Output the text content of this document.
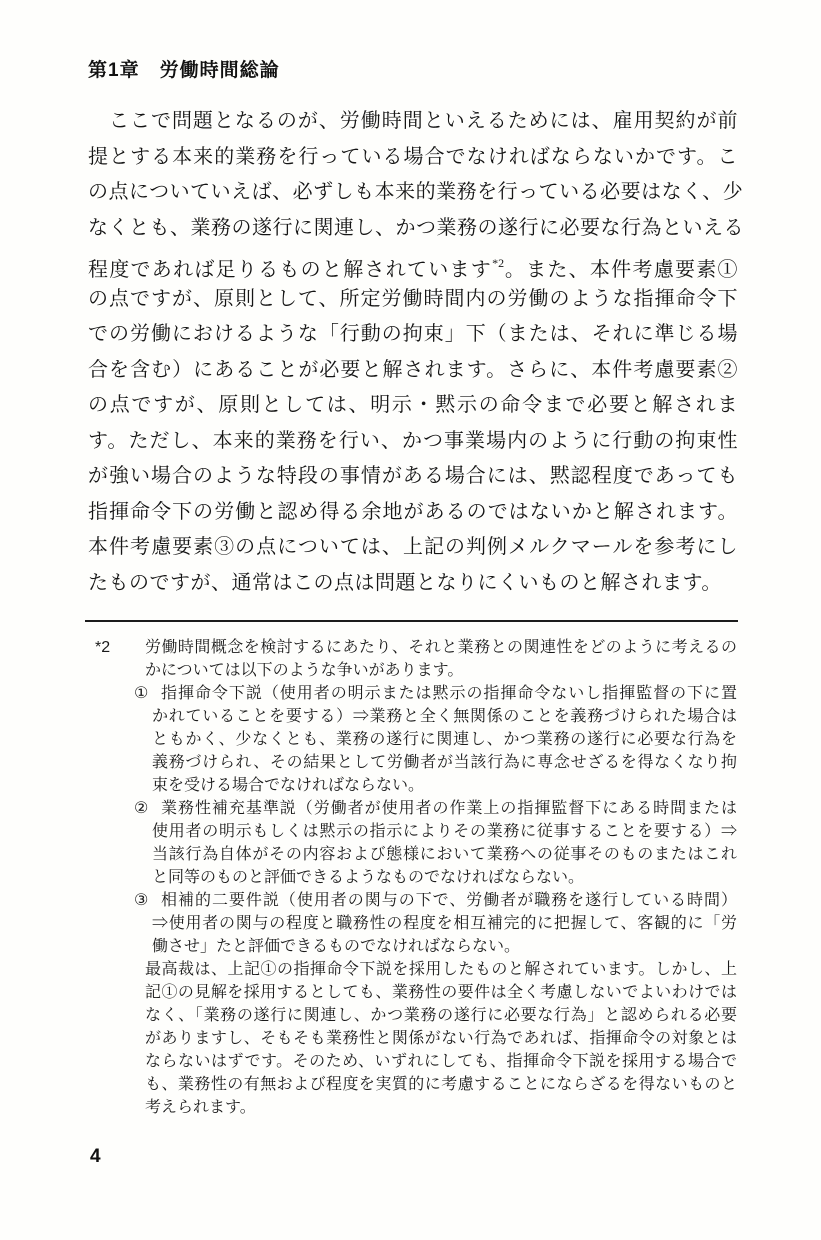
第1章　労働時間総論
ここで問題となるのが、労働時間といえるためには、雇用契約が前
提とする本来的業務を行っている場合でなければならないかです。こ
の点についていえば、必ずしも本来的業務を行っている必要はなく、少
なくとも、業務の遂行に関連し、かつ業務の遂行に必要な行為といえる
程度であれば足りるものと解されています$^{*2}$。また、本件考慮要素①
の点ですが、原則として、所定労働時間内の労働のような指揮命令下
での労働におけるような「行動の拘束」下（または、それに準じる場
合を含む）にあることが必要と解されます。さらに、本件考慮要素②
の点ですが、原則としては、明示・黙示の命令まで必要と解されま
す。ただし、本来的業務を行い、かつ事業場内のように行動の拘束性
が強い場合のような特段の事情がある場合には、黙認程度であっても
指揮命令下の労働と認め得る余地があるのではないかと解されます。
本件考慮要素③の点については、上記の判例メルクマールを参考にし
たものですが、通常はこの点は問題となりにくいものと解されます。
*2 労働時間概念を検討するにあたり、それと業務との関連性をどのように考えるの
かについては以下のような争いがあります。
① 指揮命令下説（使用者の明示または黙示の指揮命令ないし指揮監督の下に置
かれていることを要する）⇒業務と全く無関係のことを義務づけられた場合は
ともかく、少なくとも、業務の遂行に関連し、かつ業務の遂行に必要な行為を
義務づけられ、その結果として労働者が当該行為に専念せざるを得なくなり拘
束を受ける場合でなければならない。
② 業務性補充基準説（労働者が使用者の作業上の指揮監督下にある時間または
使用者の明示もしくは黙示の指示によりその業務に従事することを要する）⇒
当該行為自体がその内容および態様において業務への従事そのものまたはこれ
と同等のものと評価できるようなものでなければならない。
③ 相補的二要件説（使用者の関与の下で、労働者が職務を遂行している時間）
⇒使用者の関与の程度と職務性の程度を相互補完的に把握して、客観的に「労
働させ」たと評価できるものでなければならない。
最高裁は、上記①の指揮命令下説を採用したものと解されています。しかし、上
記①の見解を採用するとしても、業務性の要件は全く考慮しないでよいわけでは
なく、「業務の遂行に関連し、かつ業務の遂行に必要な行為」と認められる必要
がありますし、そもそも業務性と関係がない行為であれば、指揮命令の対象とは
ならないはずです。そのため、いずれにしても、指揮命令下説を採用する場合で
も、業務性の有無および程度を実質的に考慮することにならざるを得ないものと
考えられます。
4
